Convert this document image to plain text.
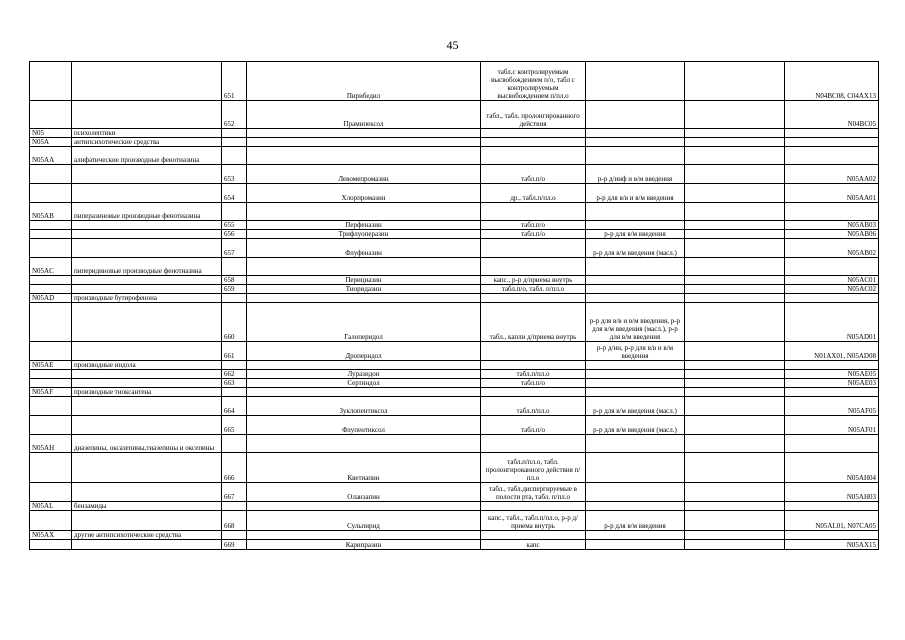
45
		651	Пирибедил	табл.с контролируемым высвобождением п/о, табл с контролируемым высвобождением п/пл.о			N04BC08, C04AX13
		652	Прамипексол	табл., табл. пролонгированного действия			N04BC05
N05	психолептики						
N05A	антипсихотические средства						
N05AA	алифатические производные фенотиазина						
		653	Левомепромазин	табл.п/о	р-р д/инф и в/м введения		N05AA02
		654	Хлорпромазин	др., табл.п/пл.о	р-р для в/в и в/м введения		N05AA01
N05AB	пиперазиновые производные фенотиазина						
		655	Перфеназин	табл.п/о			N05AB03
		656	Трифлуоперазин	табл.п/о	р-р для в/м введения		N05AB06
		657	Флуфеназин		р-р для в/м введения (масл.)		N05AB02
N05AC	пиперидиновые производные фенотиазина						
		658	Перициазин	капс., р-р д/приема внутрь			N05AC01
		659	Тиоридазин	табл.п/о, табл. п/пл.о			N05AC02
N05AD	производные бутирофенона						
		660	Галоперидол	табл., капли д/приема внутрь	р-р для в/в и в/м введения, р-р для в/м введения (масл.), р-р для в/м введения		N05AD01
		661	Дроперидол		р-р д/ин, р-р для в/в и в/м введения		N01AX01, N05AD08
N05AE	производные индола						
		662	Луразидон	табл.п/пл.о			N05AE05
		663	Сертиндол	табл.п/о			N05AE03
N05AF	производные тиоксантена						
		664	Зуклопентиксол	табл.п/пл.о	р-р для в/м введения (масл.)		N05AF05
		665	Флупентиксол	табл.п/о	р-р для в/м введения (масл.)		N05AF01
N05AH	диазепины, оксазепины,тиазепины и оксепины						
		666	Кветиапин	табл.п/пл.о, табл. пролонгированного действия п/пл.о			N05AH04
		667	Оланзапин	табл., табл.диспергируемые в полости рта, табл. п/пл.о			N05AH03
N05AL	бензамиды						
		668	Сульпирид	капс., табл., табл.п/пл.о, р-р д/приема внутрь	р-р для в/м введения		N05AL01, N07CA05
N05AX	другие антипсихотические средства						
		669	Карипразин	капс			N05AX15
